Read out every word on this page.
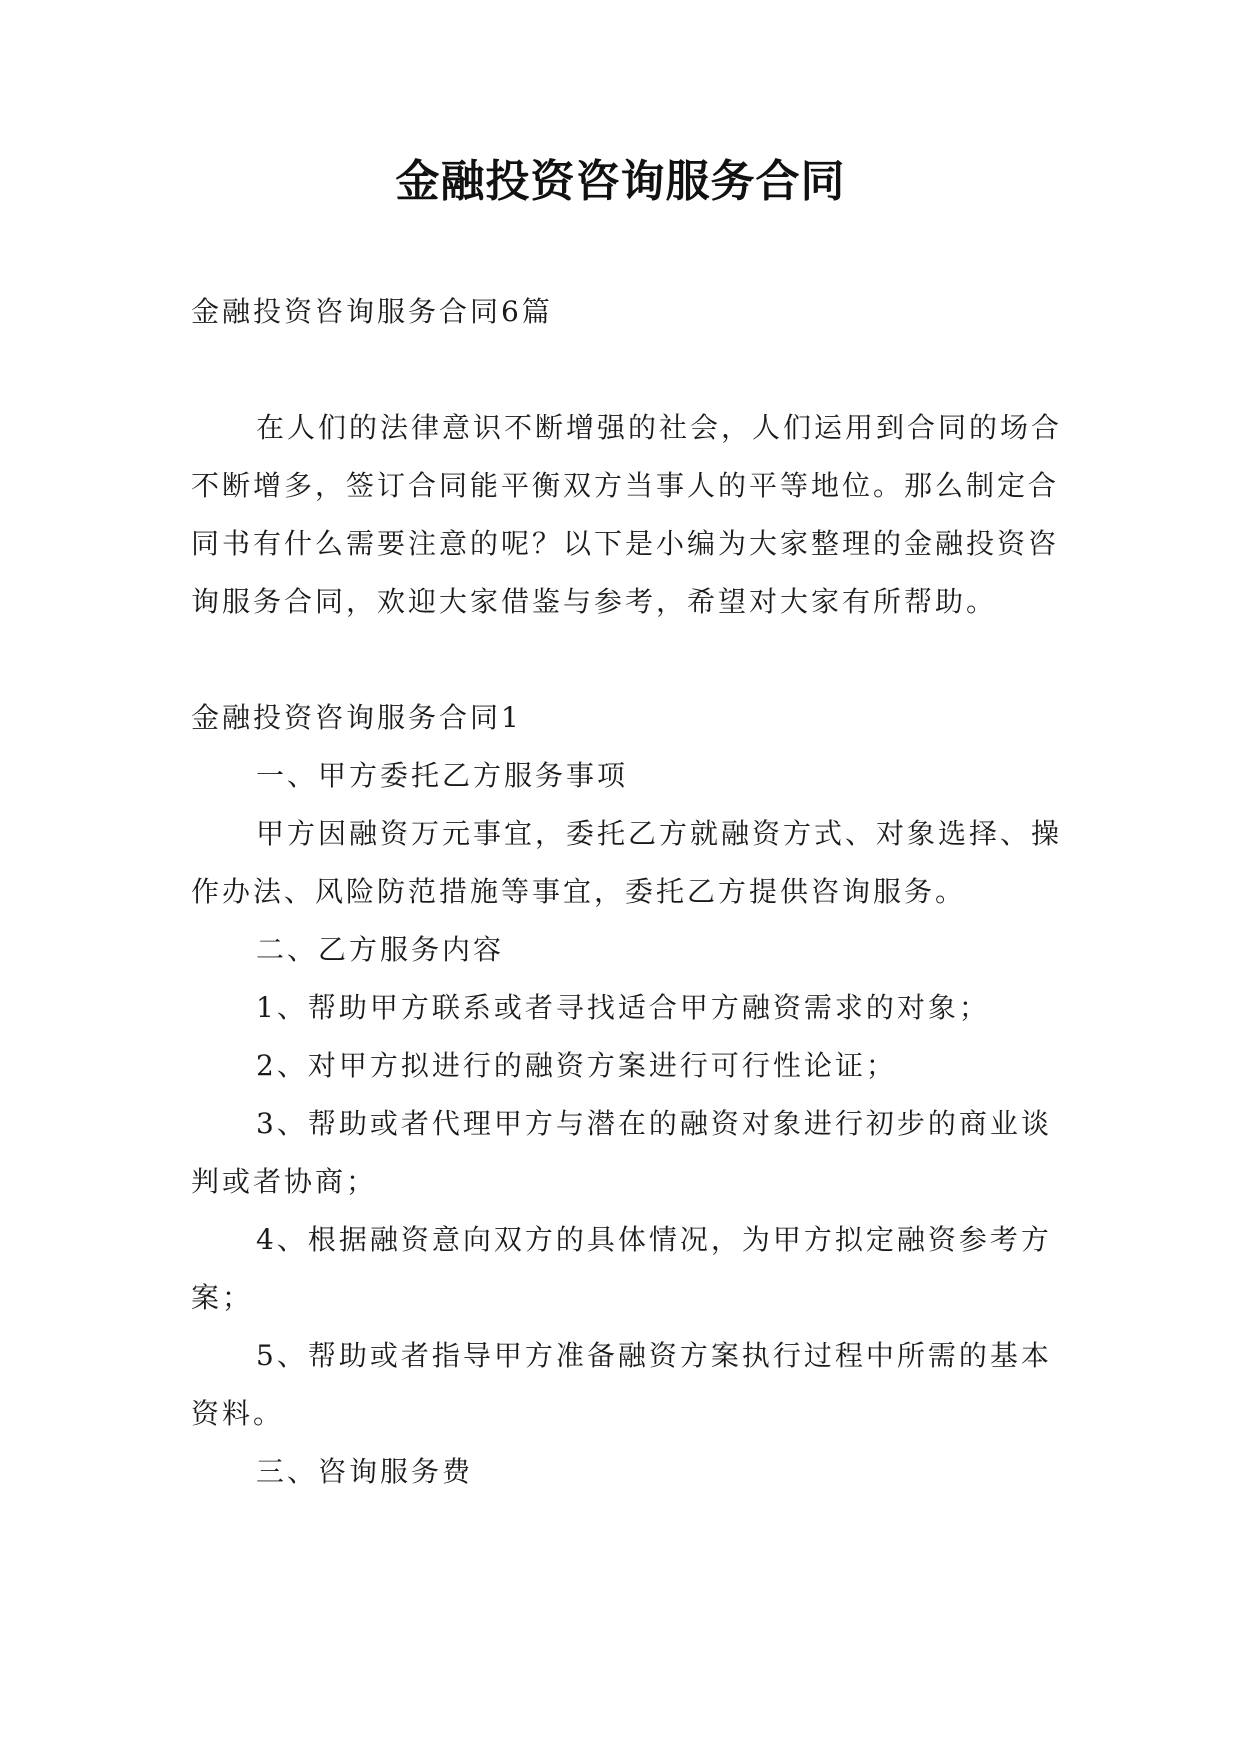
金融投资咨询服务合同

金融投资咨询服务合同6篇

在人们的法律意识不断增强的社会，人们运用到合同的场合不断增多，签订合同能平衡双方当事人的平等地位。那么制定合同书有什么需要注意的呢？以下是小编为大家整理的金融投资咨询服务合同，欢迎大家借鉴与参考，希望对大家有所帮助。

金融投资咨询服务合同1

一、甲方委托乙方服务事项

甲方因融资万元事宜，委托乙方就融资方式、对象选择、操作办法、风险防范措施等事宜，委托乙方提供咨询服务。

二、乙方服务内容

1、帮助甲方联系或者寻找适合甲方融资需求的对象；

2、对甲方拟进行的融资方案进行可行性论证；

3、帮助或者代理甲方与潜在的融资对象进行初步的商业谈判或者协商；

4、根据融资意向双方的具体情况，为甲方拟定融资参考方案；

5、帮助或者指导甲方准备融资方案执行过程中所需的基本资料。

三、咨询服务费
